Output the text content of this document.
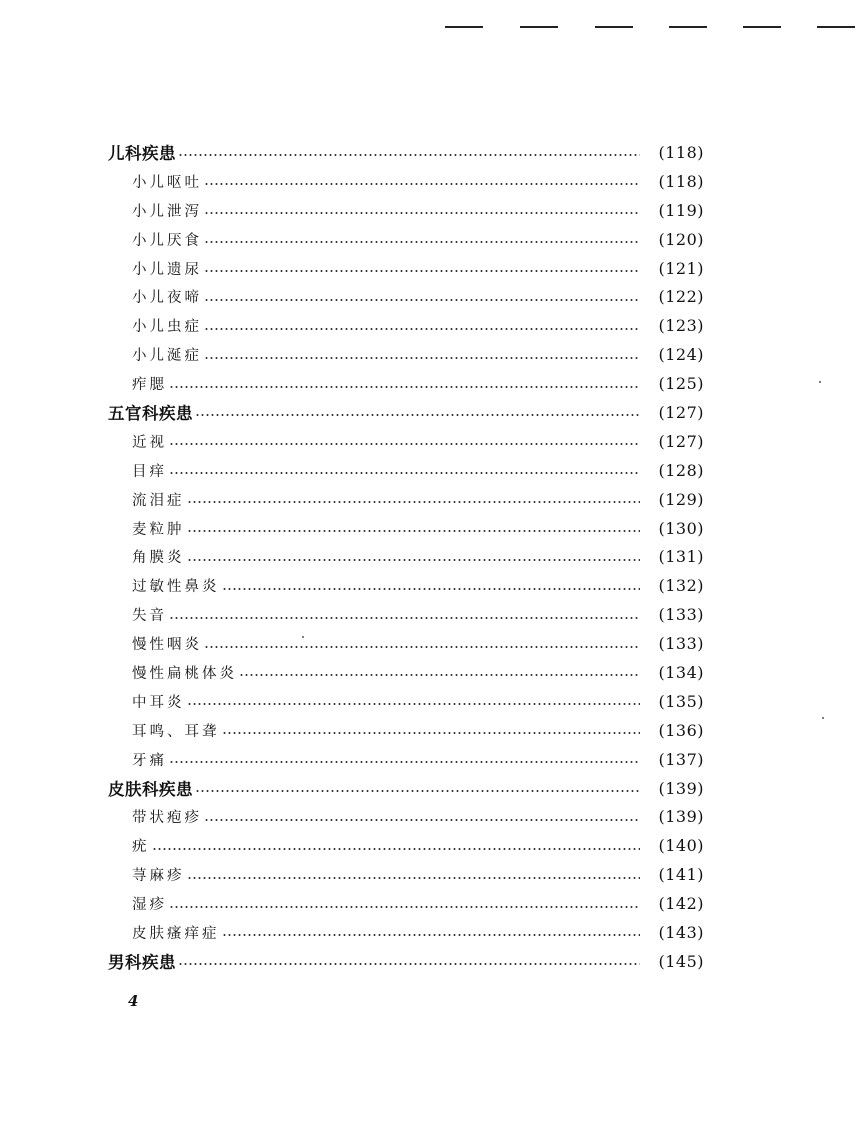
儿科疾患	(118)
小儿呕吐	(118)
小儿泄泻	(119)
小儿厌食	(120)
小儿遗尿	(121)
小儿夜啼	(122)
小儿虫症	(123)
小儿涎症	(124)
痄腮	(125)
五官科疾患	(127)
近视	(127)
目痒	(128)
流泪症	(129)
麦粒肿	(130)
角膜炎	(131)
过敏性鼻炎	(132)
失音	(133)
慢性咽炎	(133)
慢性扁桃体炎	(134)
中耳炎	(135)
耳鸣、耳聋	(136)
牙痛	(137)
皮肤科疾患	(139)
带状疱疹	(139)
疣	(140)
荨麻疹	(141)
湿疹	(142)
皮肤瘙痒症	(143)
男科疾患	(145)
4
